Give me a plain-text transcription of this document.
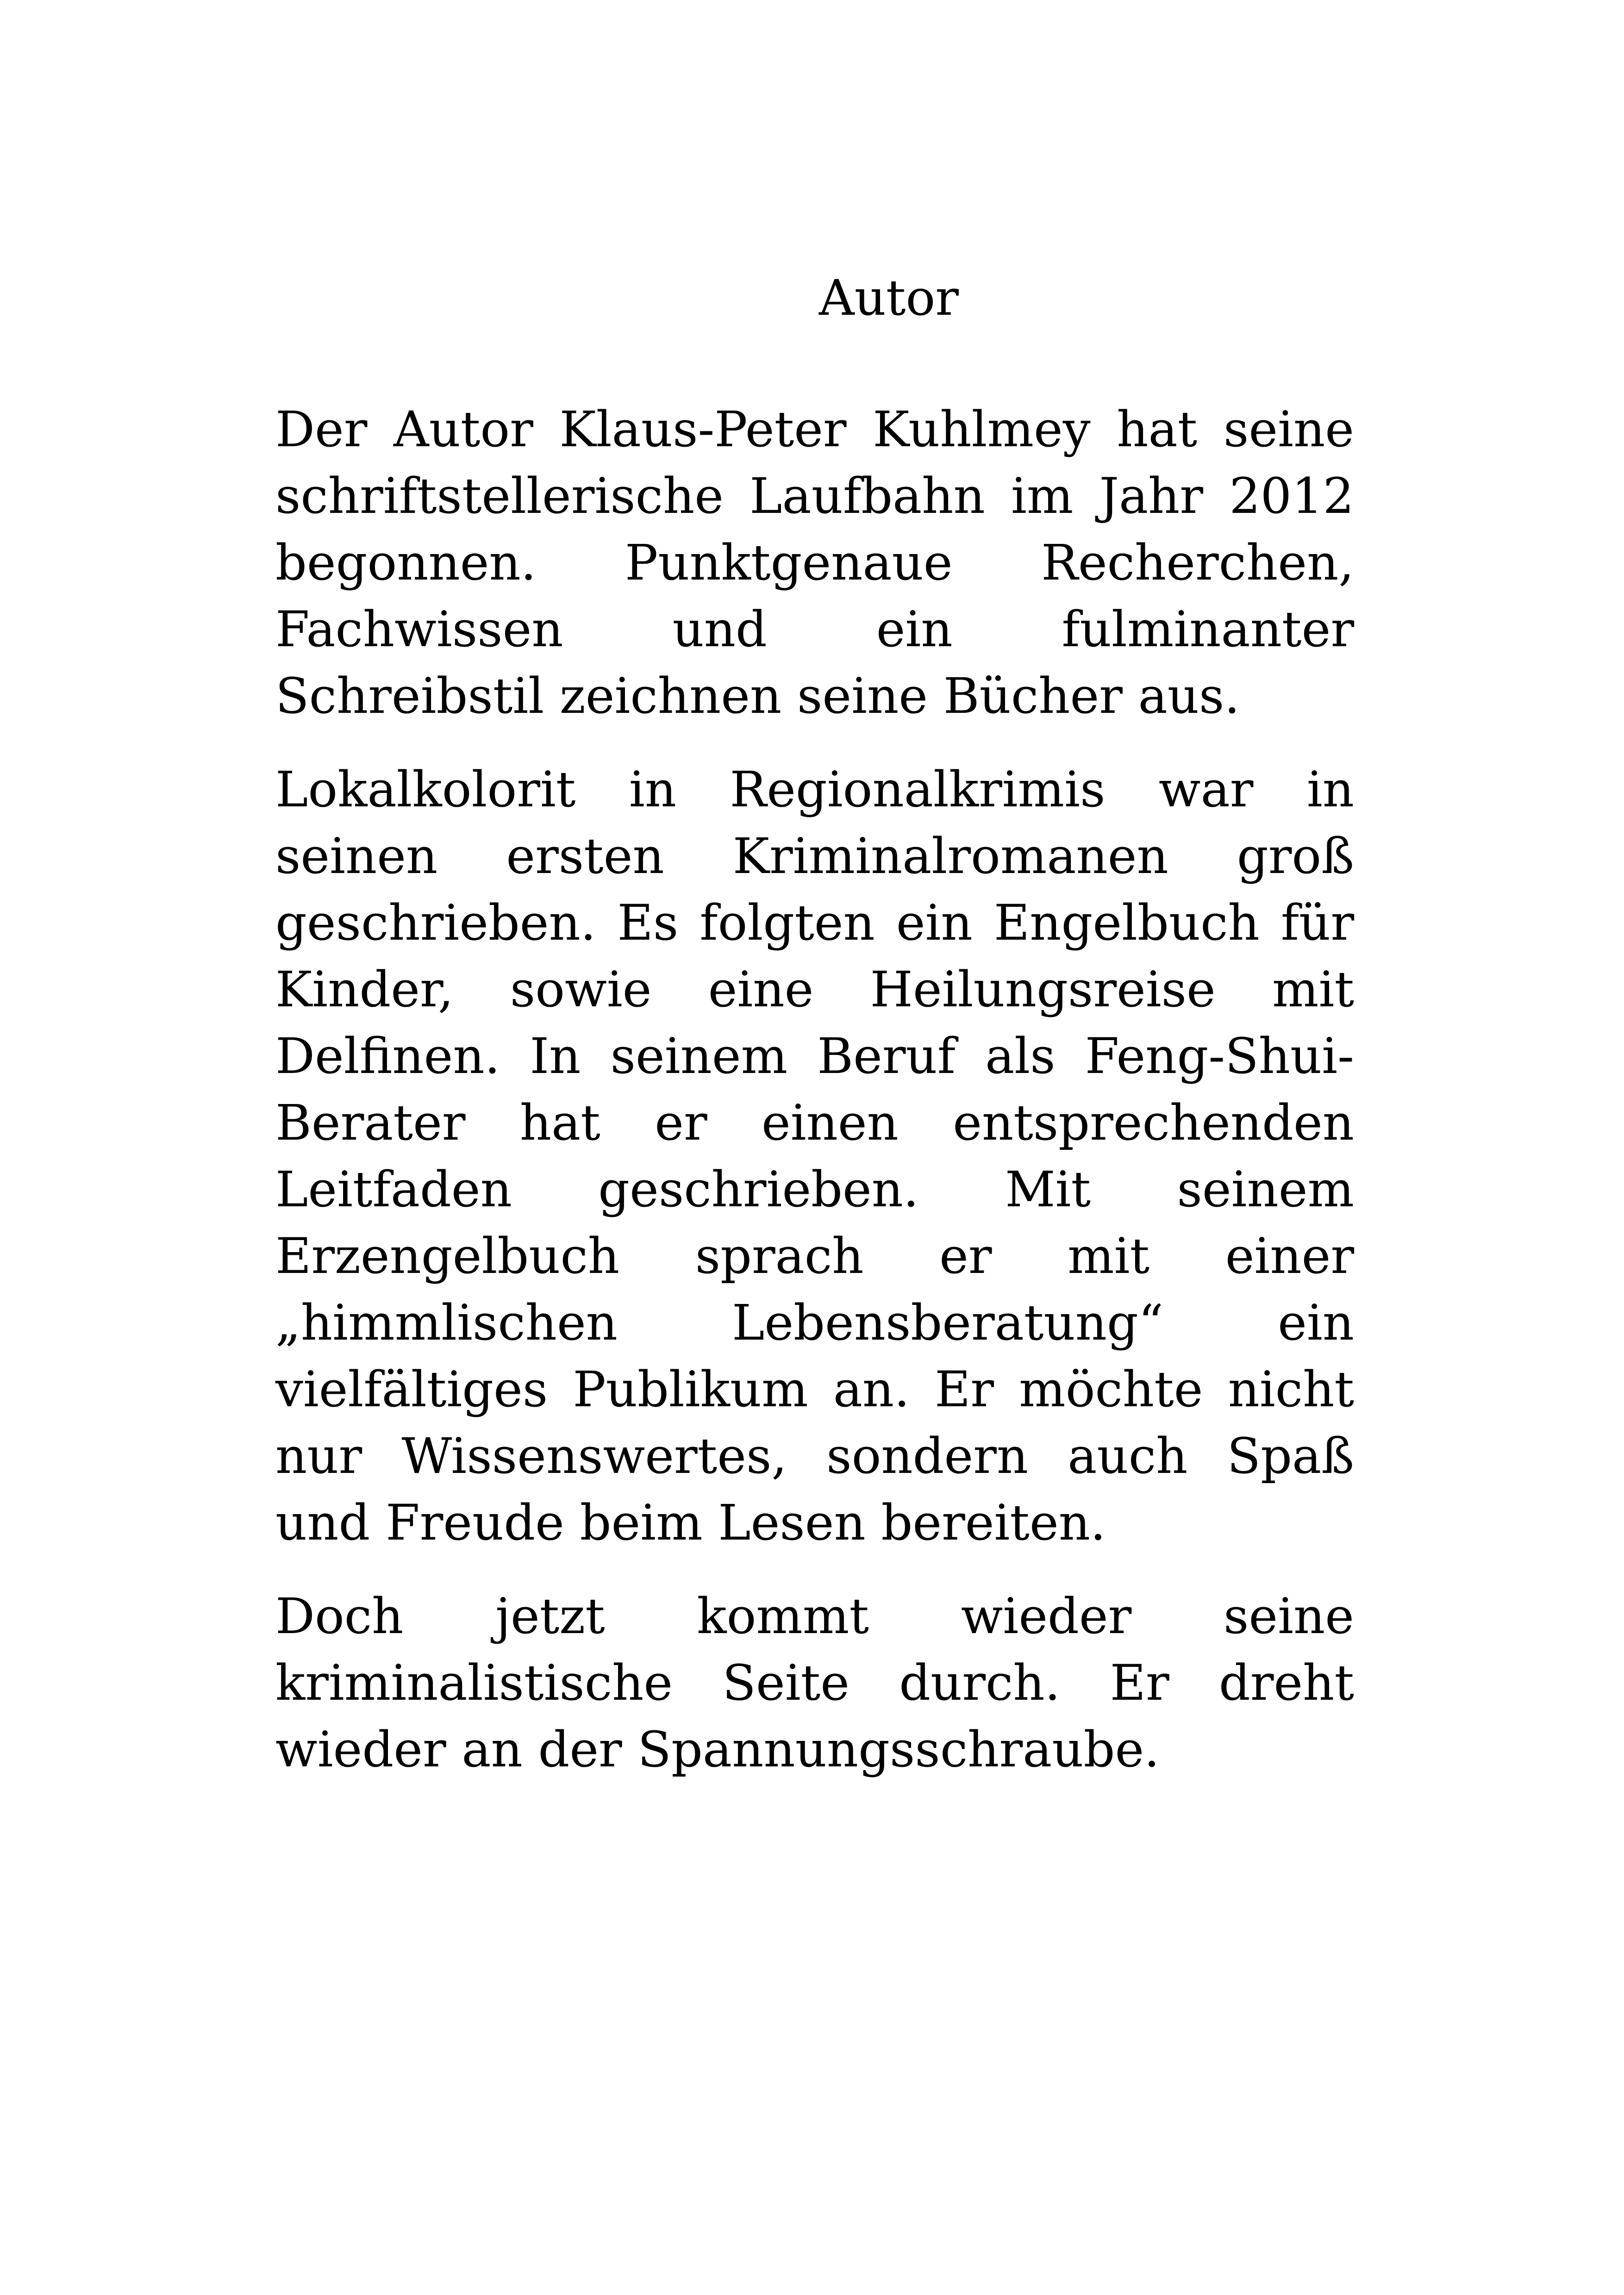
Autor

Der Autor Klaus-Peter Kuhlmey hat seine schriftstellerische Laufbahn im Jahr 2012 begonnen. Punktgenaue Recherchen, Fachwissen und ein fulminanter Schreibstil zeichnen seine Bücher aus.

Lokalkolorit in Regionalkrimis war in seinen ersten Kriminalromanen groß geschrieben. Es folgten ein Engelbuch für Kinder, sowie eine Heilungsreise mit Delfinen. In seinem Beruf als Feng-Shui-Berater hat er einen entsprechenden Leitfaden geschrieben. Mit seinem Erzengelbuch sprach er mit einer „himmlischen Lebensberatung“ ein vielfältiges Publikum an. Er möchte nicht nur Wissenswertes, sondern auch Spaß und Freude beim Lesen bereiten.

Doch jetzt kommt wieder seine kriminalistische Seite durch. Er dreht wieder an der Spannungsschraube.
